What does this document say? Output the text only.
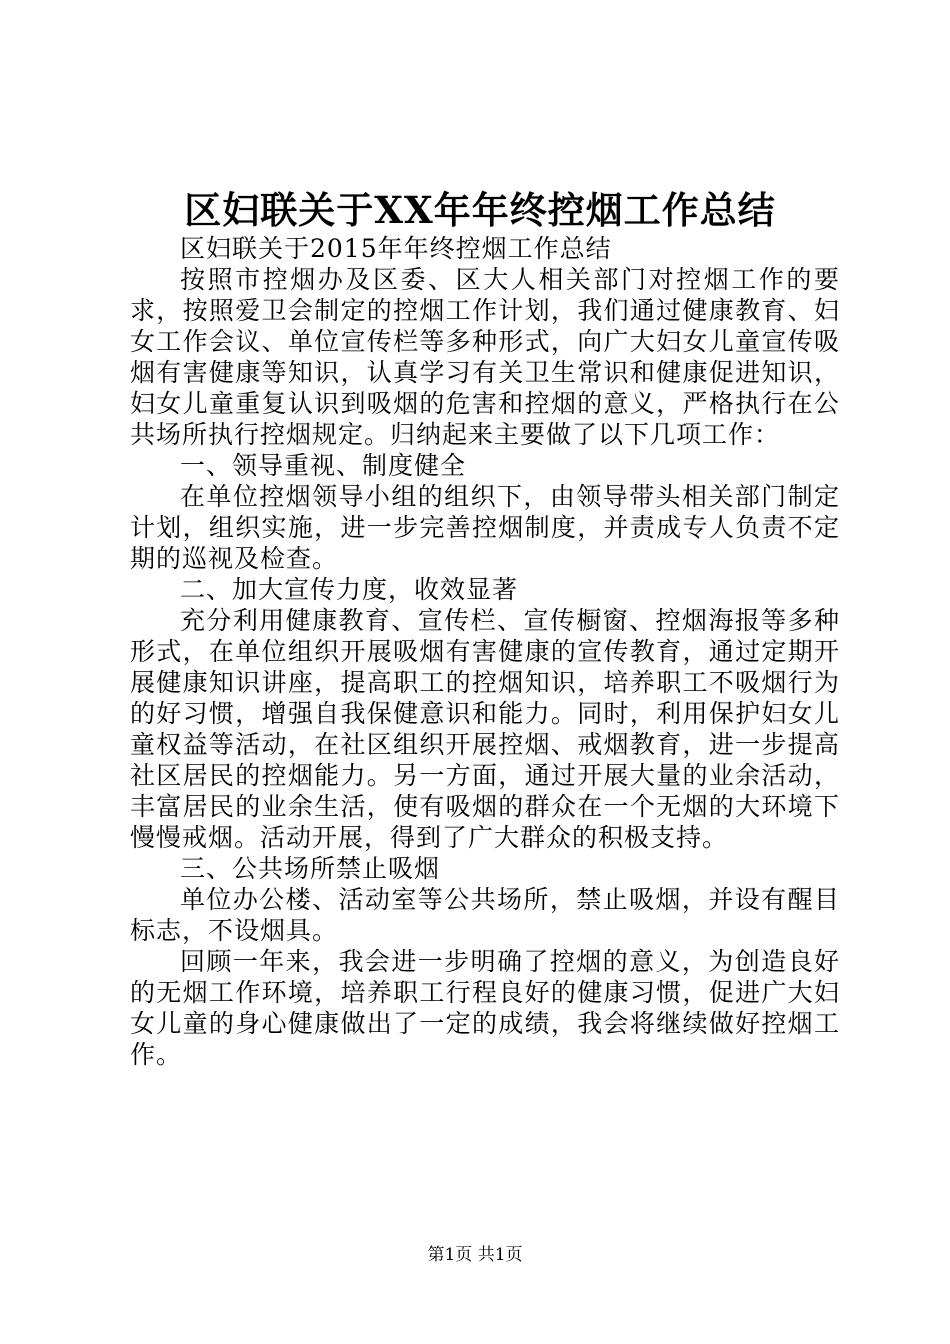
区妇联关于XX年年终控烟工作总结

区妇联关于2015年年终控烟工作总结

按照市控烟办及区委、区大人相关部门对控烟工作的要求，按照爱卫会制定的控烟工作计划，我们通过健康教育、妇女工作会议、单位宣传栏等多种形式，向广大妇女儿童宣传吸烟有害健康等知识，认真学习有关卫生常识和健康促进知识，妇女儿童重复认识到吸烟的危害和控烟的意义，严格执行在公共场所执行控烟规定。归纳起来主要做了以下几项工作：

一、领导重视、制度健全

在单位控烟领导小组的组织下，由领导带头相关部门制定计划，组织实施，进一步完善控烟制度，并责成专人负责不定期的巡视及检查。

二、加大宣传力度，收效显著

充分利用健康教育、宣传栏、宣传橱窗、控烟海报等多种形式，在单位组织开展吸烟有害健康的宣传教育，通过定期开展健康知识讲座，提高职工的控烟知识，培养职工不吸烟行为的好习惯，增强自我保健意识和能力。同时，利用保护妇女儿童权益等活动，在社区组织开展控烟、戒烟教育，进一步提高社区居民的控烟能力。另一方面，通过开展大量的业余活动，丰富居民的业余生活，使有吸烟的群众在一个无烟的大环境下慢慢戒烟。活动开展，得到了广大群众的积极支持。

三、公共场所禁止吸烟

单位办公楼、活动室等公共场所，禁止吸烟，并设有醒目标志，不设烟具。

回顾一年来，我会进一步明确了控烟的意义，为创造良好的无烟工作环境，培养职工行程良好的健康习惯，促进广大妇女儿童的身心健康做出了一定的成绩，我会将继续做好控烟工作。

第1页 共1页
